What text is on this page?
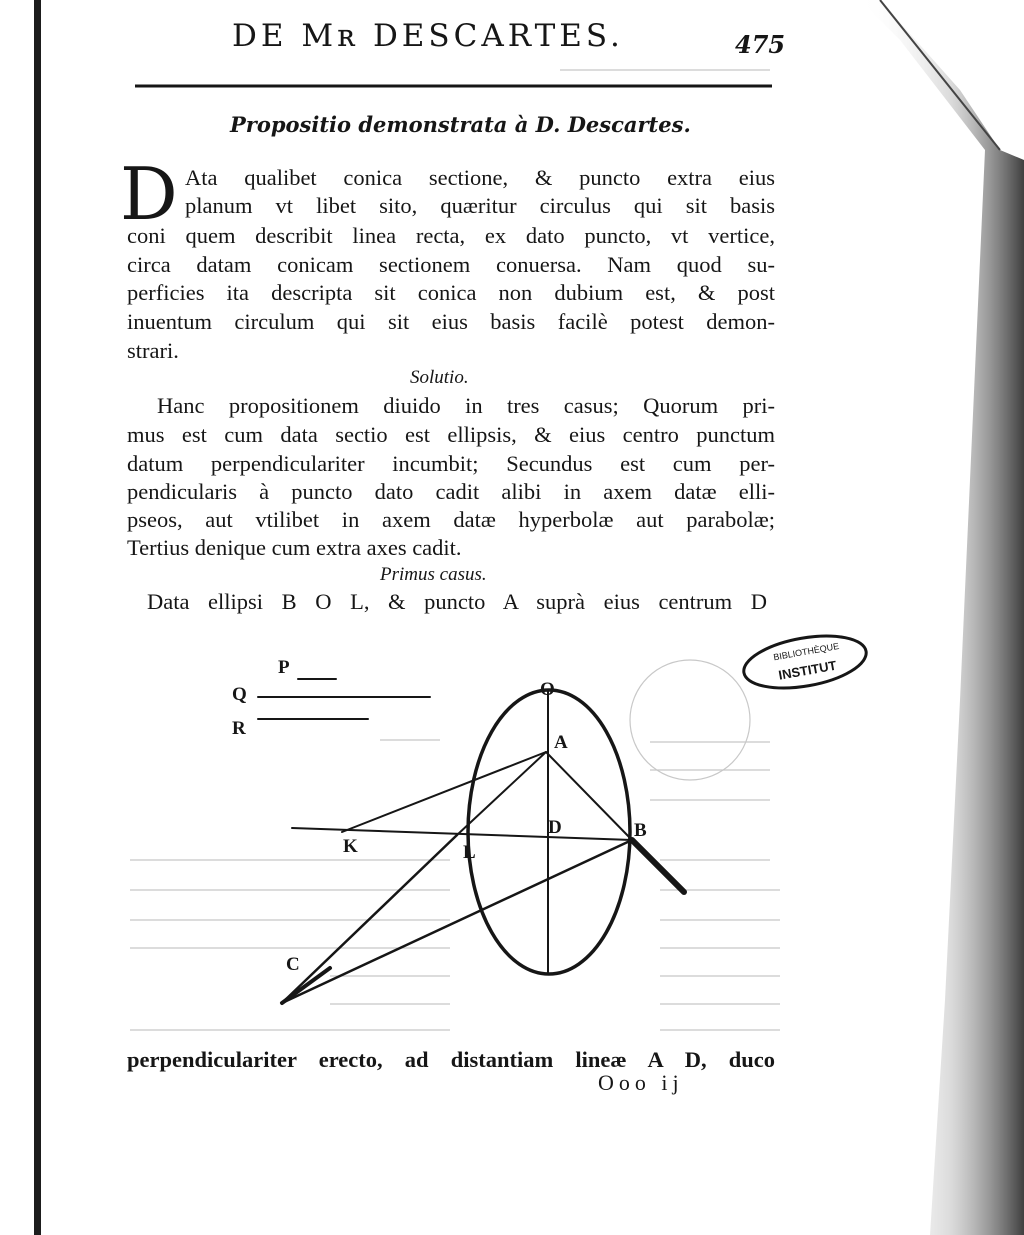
DE Mʀ DESCARTES.	475
Propositio demonstrata à D. Descartes.
D Ata qualibet conica sectione, & puncto extra eius
planum vt libet sito, quæritur circulus qui sit basis
coni quem describit linea recta, ex dato puncto, vt vertice,
circa datam conicam sectionem conuersa. Nam quod su-
perficies ita descripta sit conica non dubium est, & post
inuentum circulum qui sit eius basis facilè potest demon-
strari.
Solutio.
Hanc propositionem diuido in tres casus; Quorum pri-
mus est cum data sectio est ellipsis, & eius centro punctum
datum perpendiculariter incumbit; Secundus est cum per-
pendicularis à puncto dato cadit alibi in axem datæ elli-
pseos, aut vtilibet in axem datæ hyperbolæ aut parabolæ;
Tertius denique cum extra axes cadit.
Primus casus.
Data ellipsi B O L, & puncto A suprà eius centrum D
P
Q
R
O
A
D	B
K	L
C
BIBLIOTHÈQUE
INSTITUT
perpendiculariter erecto, ad distantiam lineæ A D, duco
Ooo ij
